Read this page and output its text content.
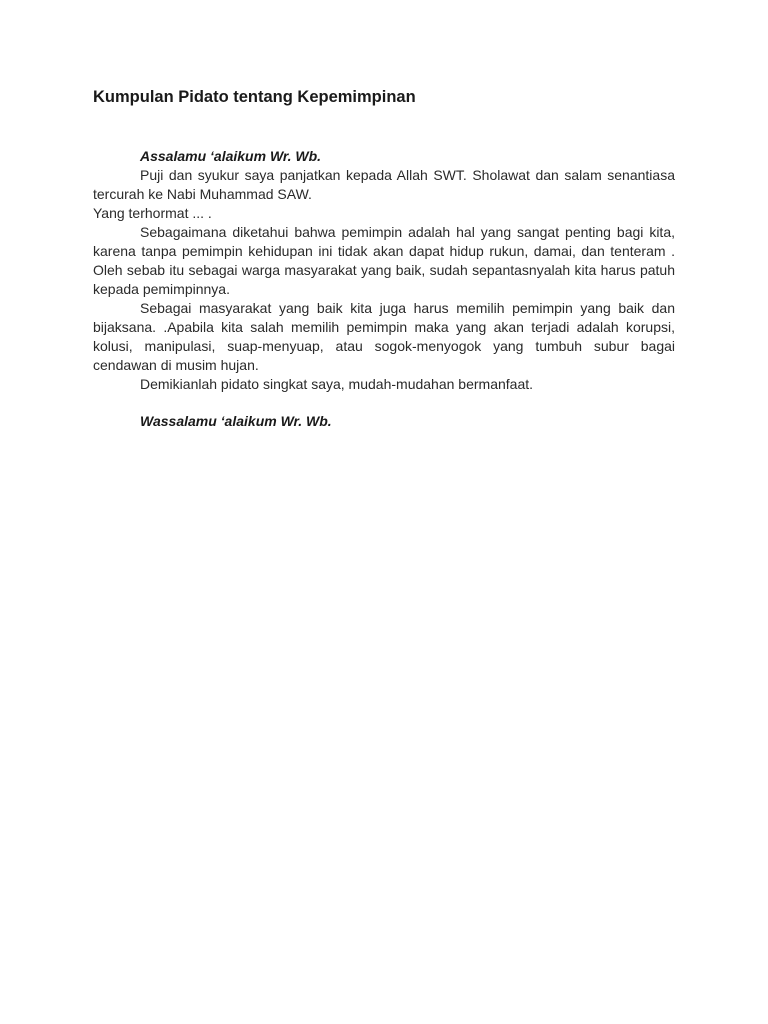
Kumpulan Pidato tentang Kepemimpinan

Assalamu ‘alaikum Wr. Wb.

Puji dan syukur saya panjatkan kepada Allah SWT. Sholawat dan salam senantiasa tercurah ke Nabi Muhammad SAW.

Yang terhormat ... .

Sebagaimana diketahui bahwa pemimpin adalah hal yang sangat penting bagi kita, karena tanpa pemimpin kehidupan ini tidak akan dapat hidup rukun, damai, dan tenteram . Oleh sebab itu sebagai warga masyarakat yang baik, sudah sepantasnyalah kita harus patuh kepada pemimpinnya.

Sebagai masyarakat yang baik kita juga harus memilih pemimpin yang baik dan bijaksana. .Apabila kita salah memilih pemimpin maka yang akan terjadi adalah korupsi, kolusi, manipulasi, suap-menyuap, atau sogok-menyogok yang tumbuh subur bagai cendawan di musim hujan.

Demikianlah pidato singkat saya, mudah-mudahan bermanfaat.

Wassalamu ‘alaikum Wr. Wb.
